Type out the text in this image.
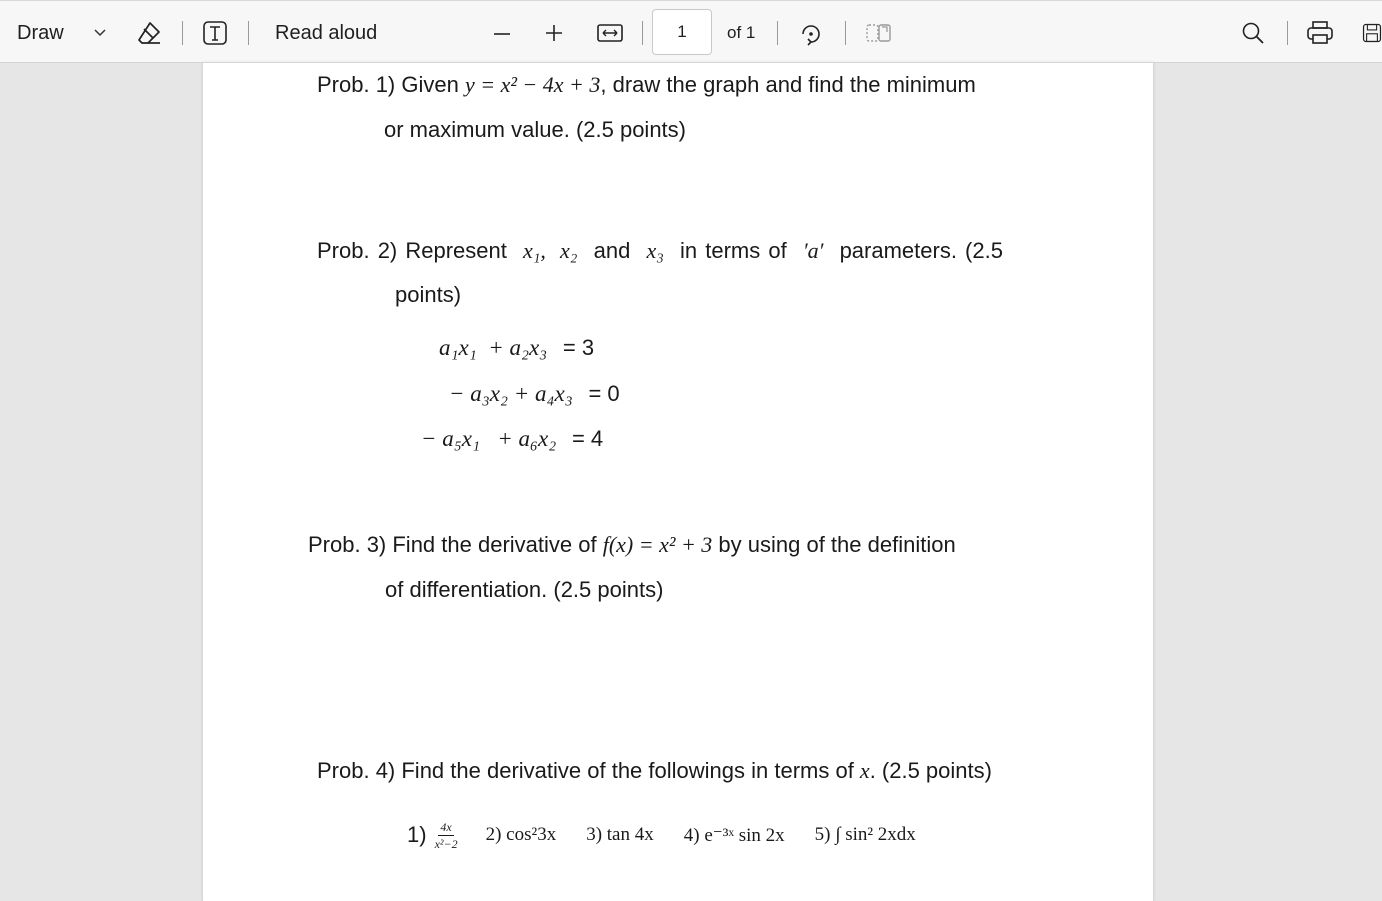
Draw	Read aloud	1 of 1
Prob. 1) Given y = x² − 4x + 3, draw the graph and find the minimum
or maximum value. (2.5 points)
Prob. 2) Represent x₁, x₂ and x₃ in terms of ′a′ parameters. (2.5
points)
a₁x₁  + a₂x₃ = 3
− a₃x₂ + a₄x₃ = 0
− a₅x₁   + a₆x₂ = 4
Prob. 3) Find the derivative of f(x) = x² + 3 by using of the definition
of differentiation. (2.5 points)
Prob. 4) Find the derivative of the followings in terms of x. (2.5 points)
$1) \frac{4x}{\text{x²−2}} 2$) cos²3x 3) tan 4x 4) e⁻³ˣ sin 2x 5) ∫ sin² 2xdx
